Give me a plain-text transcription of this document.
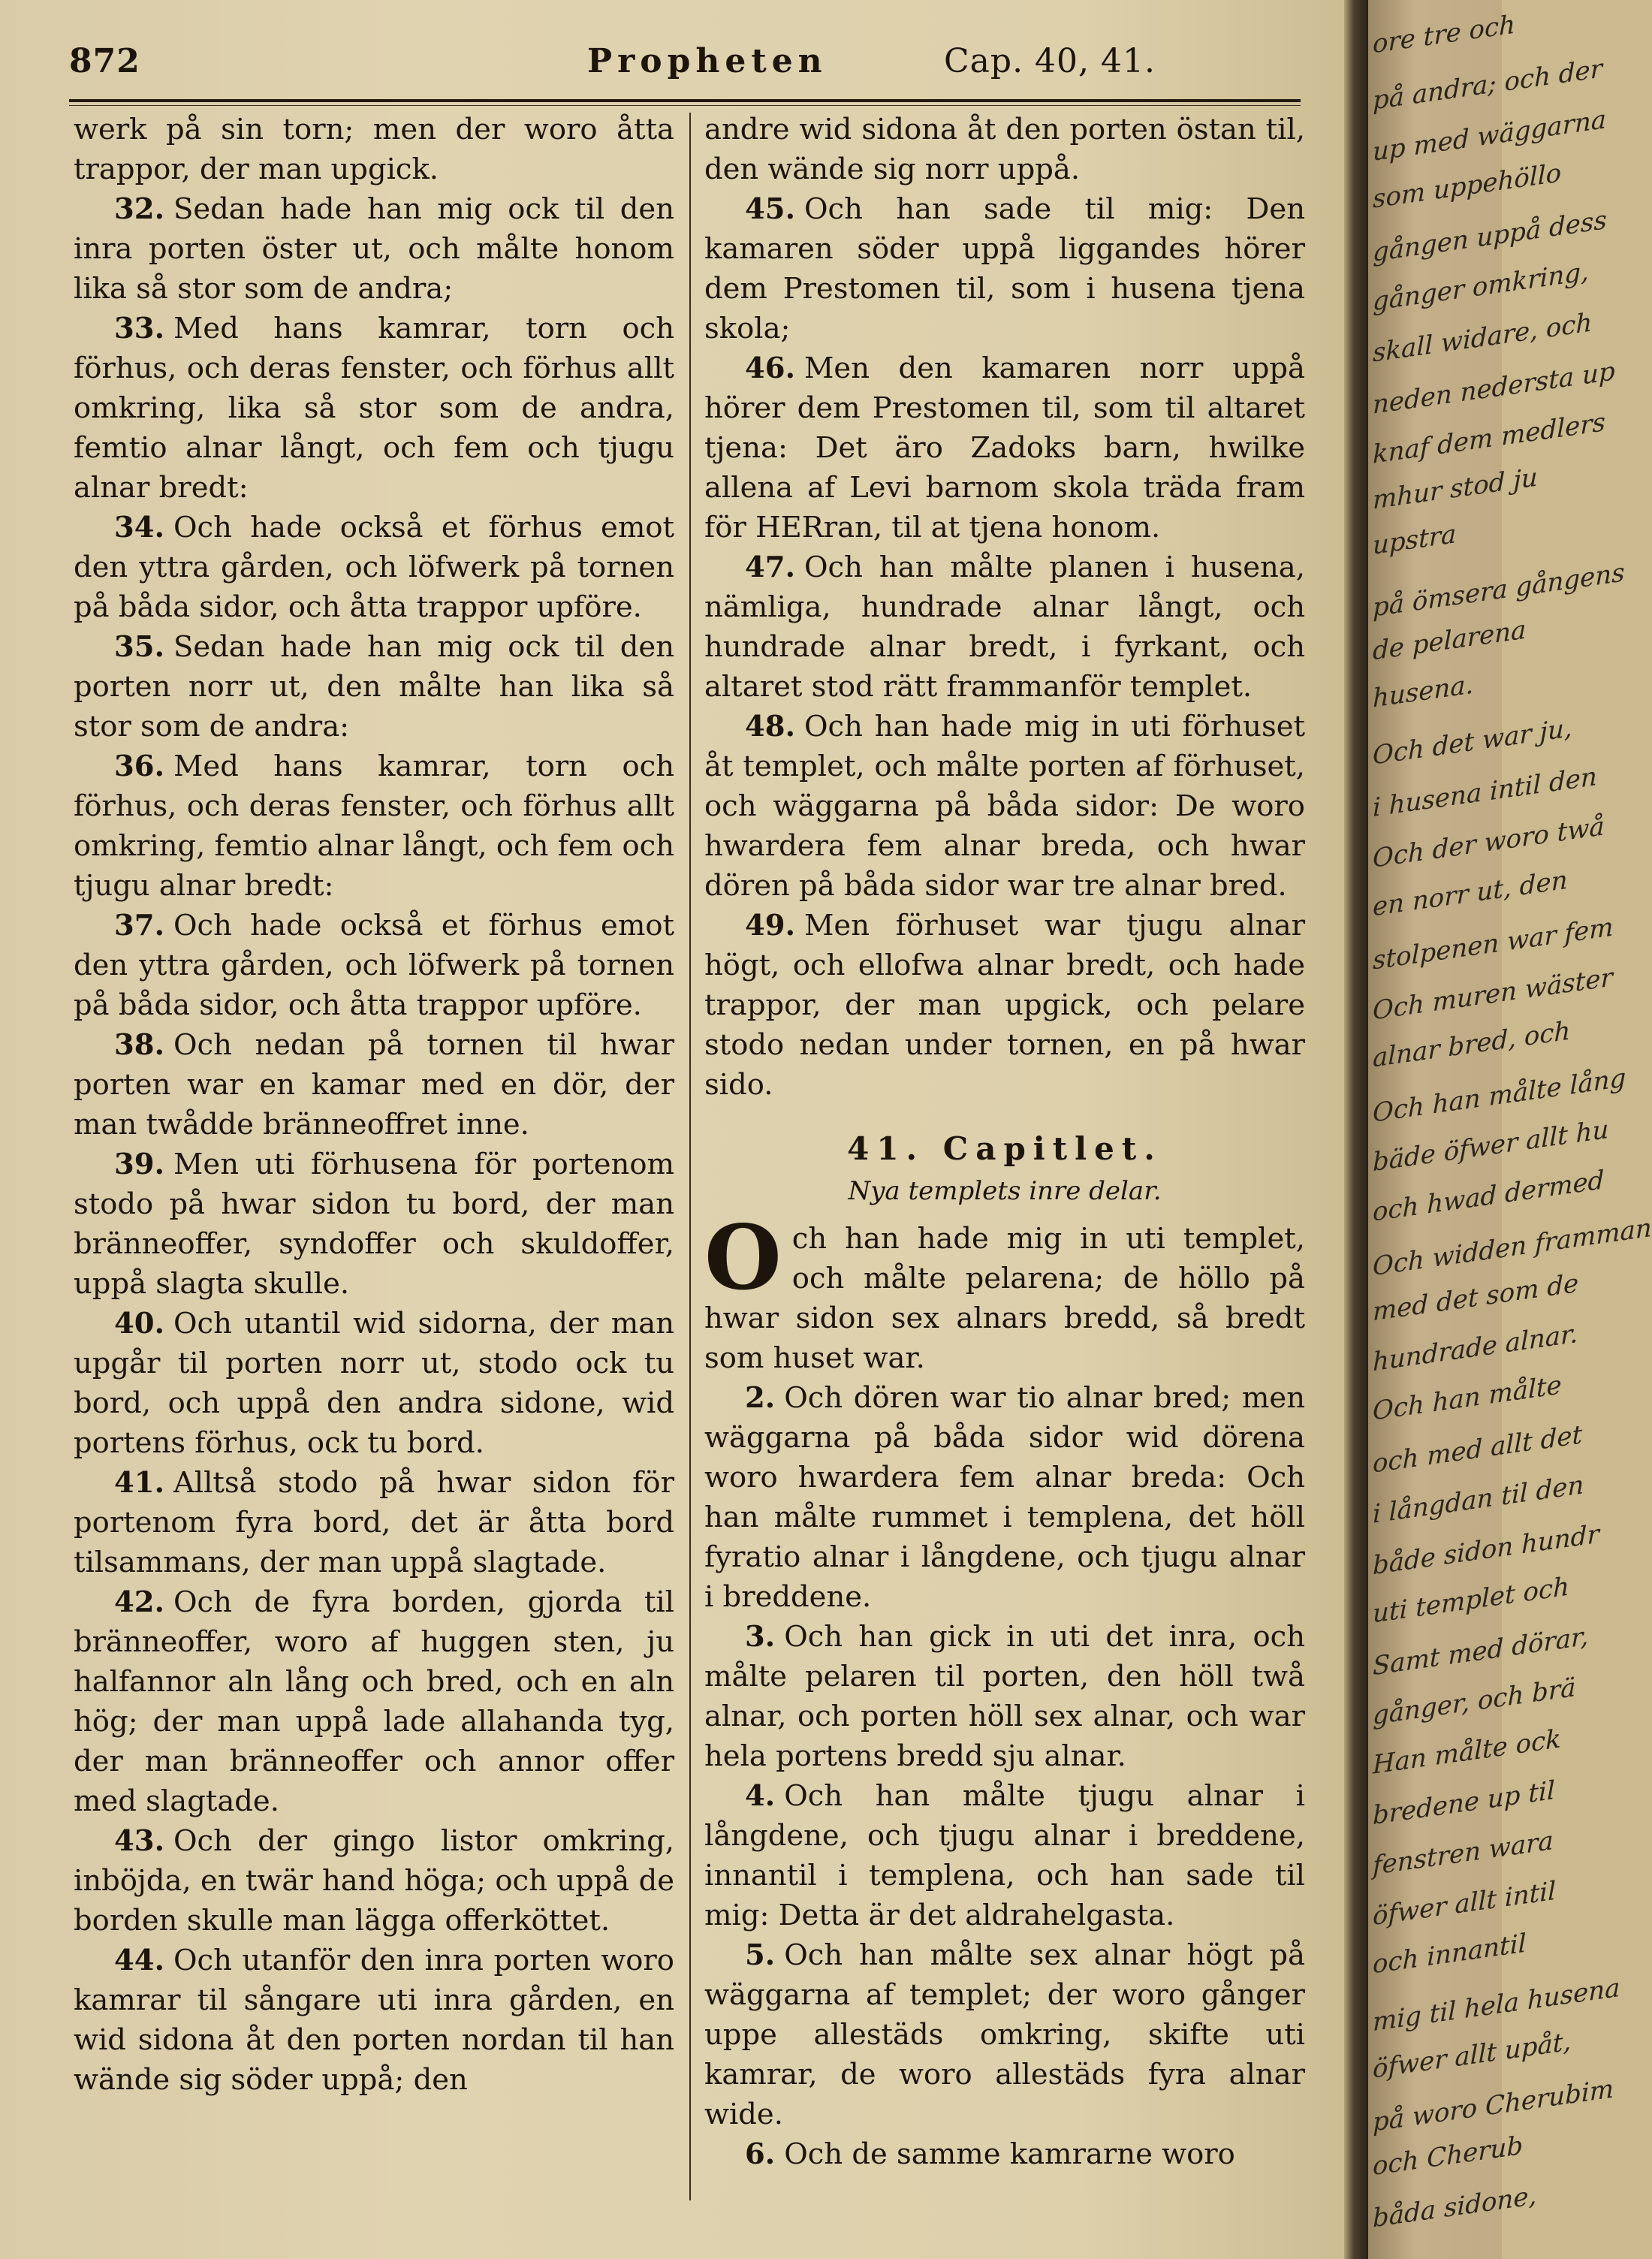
872	Propheten	Cap. 40, 41.

werk på sin torn; men der woro åtta trappor, der man upgick.

32. Sedan hade han mig ock til den inra porten öster ut, och målte honom lika så stor som de andra;

33. Med hans kamrar, torn och förhus, och deras fenster, och förhus allt omkring, lika så stor som de andra, femtio alnar långt, och fem och tjugu alnar bredt:

34. Och hade också et förhus emot den yttra gården, och löfwerk på tornen på båda sidor, och åtta trappor upföre.

35. Sedan hade han mig ock til den porten norr ut, den målte han lika så stor som de andra:

36. Med hans kamrar, torn och förhus, och deras fenster, och förhus allt omkring, femtio alnar långt, och fem och tjugu alnar bredt:

37. Och hade också et förhus emot den yttra gården, och löfwerk på tornen på båda sidor, och åtta trappor upföre.

38. Och nedan på tornen til hwar porten war en kamar med en dör, der man twådde bränneoffret inne.

39. Men uti förhusena för portenom stodo på hwar sidon tu bord, der man bränneoffer, syndoffer och skuldoffer, uppå slagta skulle.

40. Och utantil wid sidorna, der man upgår til porten norr ut, stodo ock tu bord, och uppå den andra sidone, wid portens förhus, ock tu bord.

41. Alltså stodo på hwar sidon för portenom fyra bord, det är åtta bord tilsammans, der man uppå slagtade.

42. Och de fyra borden, gjorda til bränneoffer, woro af huggen sten, ju halfannor aln lång och bred, och en aln hög; der man uppå lade allahanda tyg, der man bränneoffer och annor offer med slagtade.

43. Och der gingo listor omkring, inböjda, en twär hand höga; och uppå de borden skulle man lägga offerköttet.

44. Och utanför den inra porten woro kamrar til sångare uti inra gården, en wid sidona åt den porten nordan til han wände sig söder uppå; den

andre wid sidona åt den porten östan til, den wände sig norr uppå.

45. Och han sade til mig: Den kamaren söder uppå liggandes hörer dem Prestomen til, som i husena tjena skola;

46. Men den kamaren norr uppå hörer dem Prestomen til, som til altaret tjena: Det äro Zadoks barn, hwilke allena af Levi barnom skola träda fram för HERran, til at tjena honom.

47. Och han målte planen i husena, nämliga, hundrade alnar långt, och hundrade alnar bredt, i fyrkant, och altaret stod rätt frammanför templet.

48. Och han hade mig in uti förhuset åt templet, och målte porten af förhuset, och wäggarna på båda sidor: De woro hwardera fem alnar breda, och hwar dören på båda sidor war tre alnar bred.

49. Men förhuset war tjugu alnar högt, och ellofwa alnar bredt, och hade trappor, der man upgick, och pelare stodo nedan under tornen, en på hwar sido.

41. Capitlet.
Nya templets inre delar.

Och han hade mig in uti templet, och målte pelarena; de höllo på hwar sidon sex alnars bredd, så bredt som huset war.

2. Och dören war tio alnar bred; men wäggarna på båda sidor wid dörena woro hwardera fem alnar breda: Och han målte rummet i templena, det höll fyratio alnar i långdene, och tjugu alnar i breddene.

3. Och han gick in uti det inra, och målte pelaren til porten, den höll twå alnar, och porten höll sex alnar, och war hela portens bredd sju alnar.

4. Och han målte tjugu alnar i långdene, och tjugu alnar i breddene, innantil i templena, och han sade til mig: Detta är det aldrahelgasta.

5. Och han målte sex alnar högt på wäggarna af templet; der woro gånger uppe allestäds omkring, skifte uti kamrar, de woro allestäds fyra alnar wide.

6. Och de samme kamrarne woro

ore tre och
på andra; och der
up med wäggarna
som uppehöllo
gången uppå dess
gånger omkring,
skall widare, och
neden nedersta up
knaf dem medlers
mhur stod ju
upstra
på ömsera gångens
de pelarena
husena.
Och det war ju,
i husena intil den
Och der woro twå
en norr ut, den
stolpenen war fem
Och muren wäster
alnar bred, och
Och han målte lång
bäde öfwer allt hu
och hwad dermed
Och widden framman
med det som de
hundrade alnar.
Och han målte
och med allt det
i långdan til den
både sidon hundr
uti templet och
Samt med dörar,
gånger, och brä
Han målte ock
bredene up til
fenstren wara
öfwer allt intil
och innantil
mig til hela husena
öfwer allt upåt,
på woro Cherubim
och Cherub
båda sidone,
